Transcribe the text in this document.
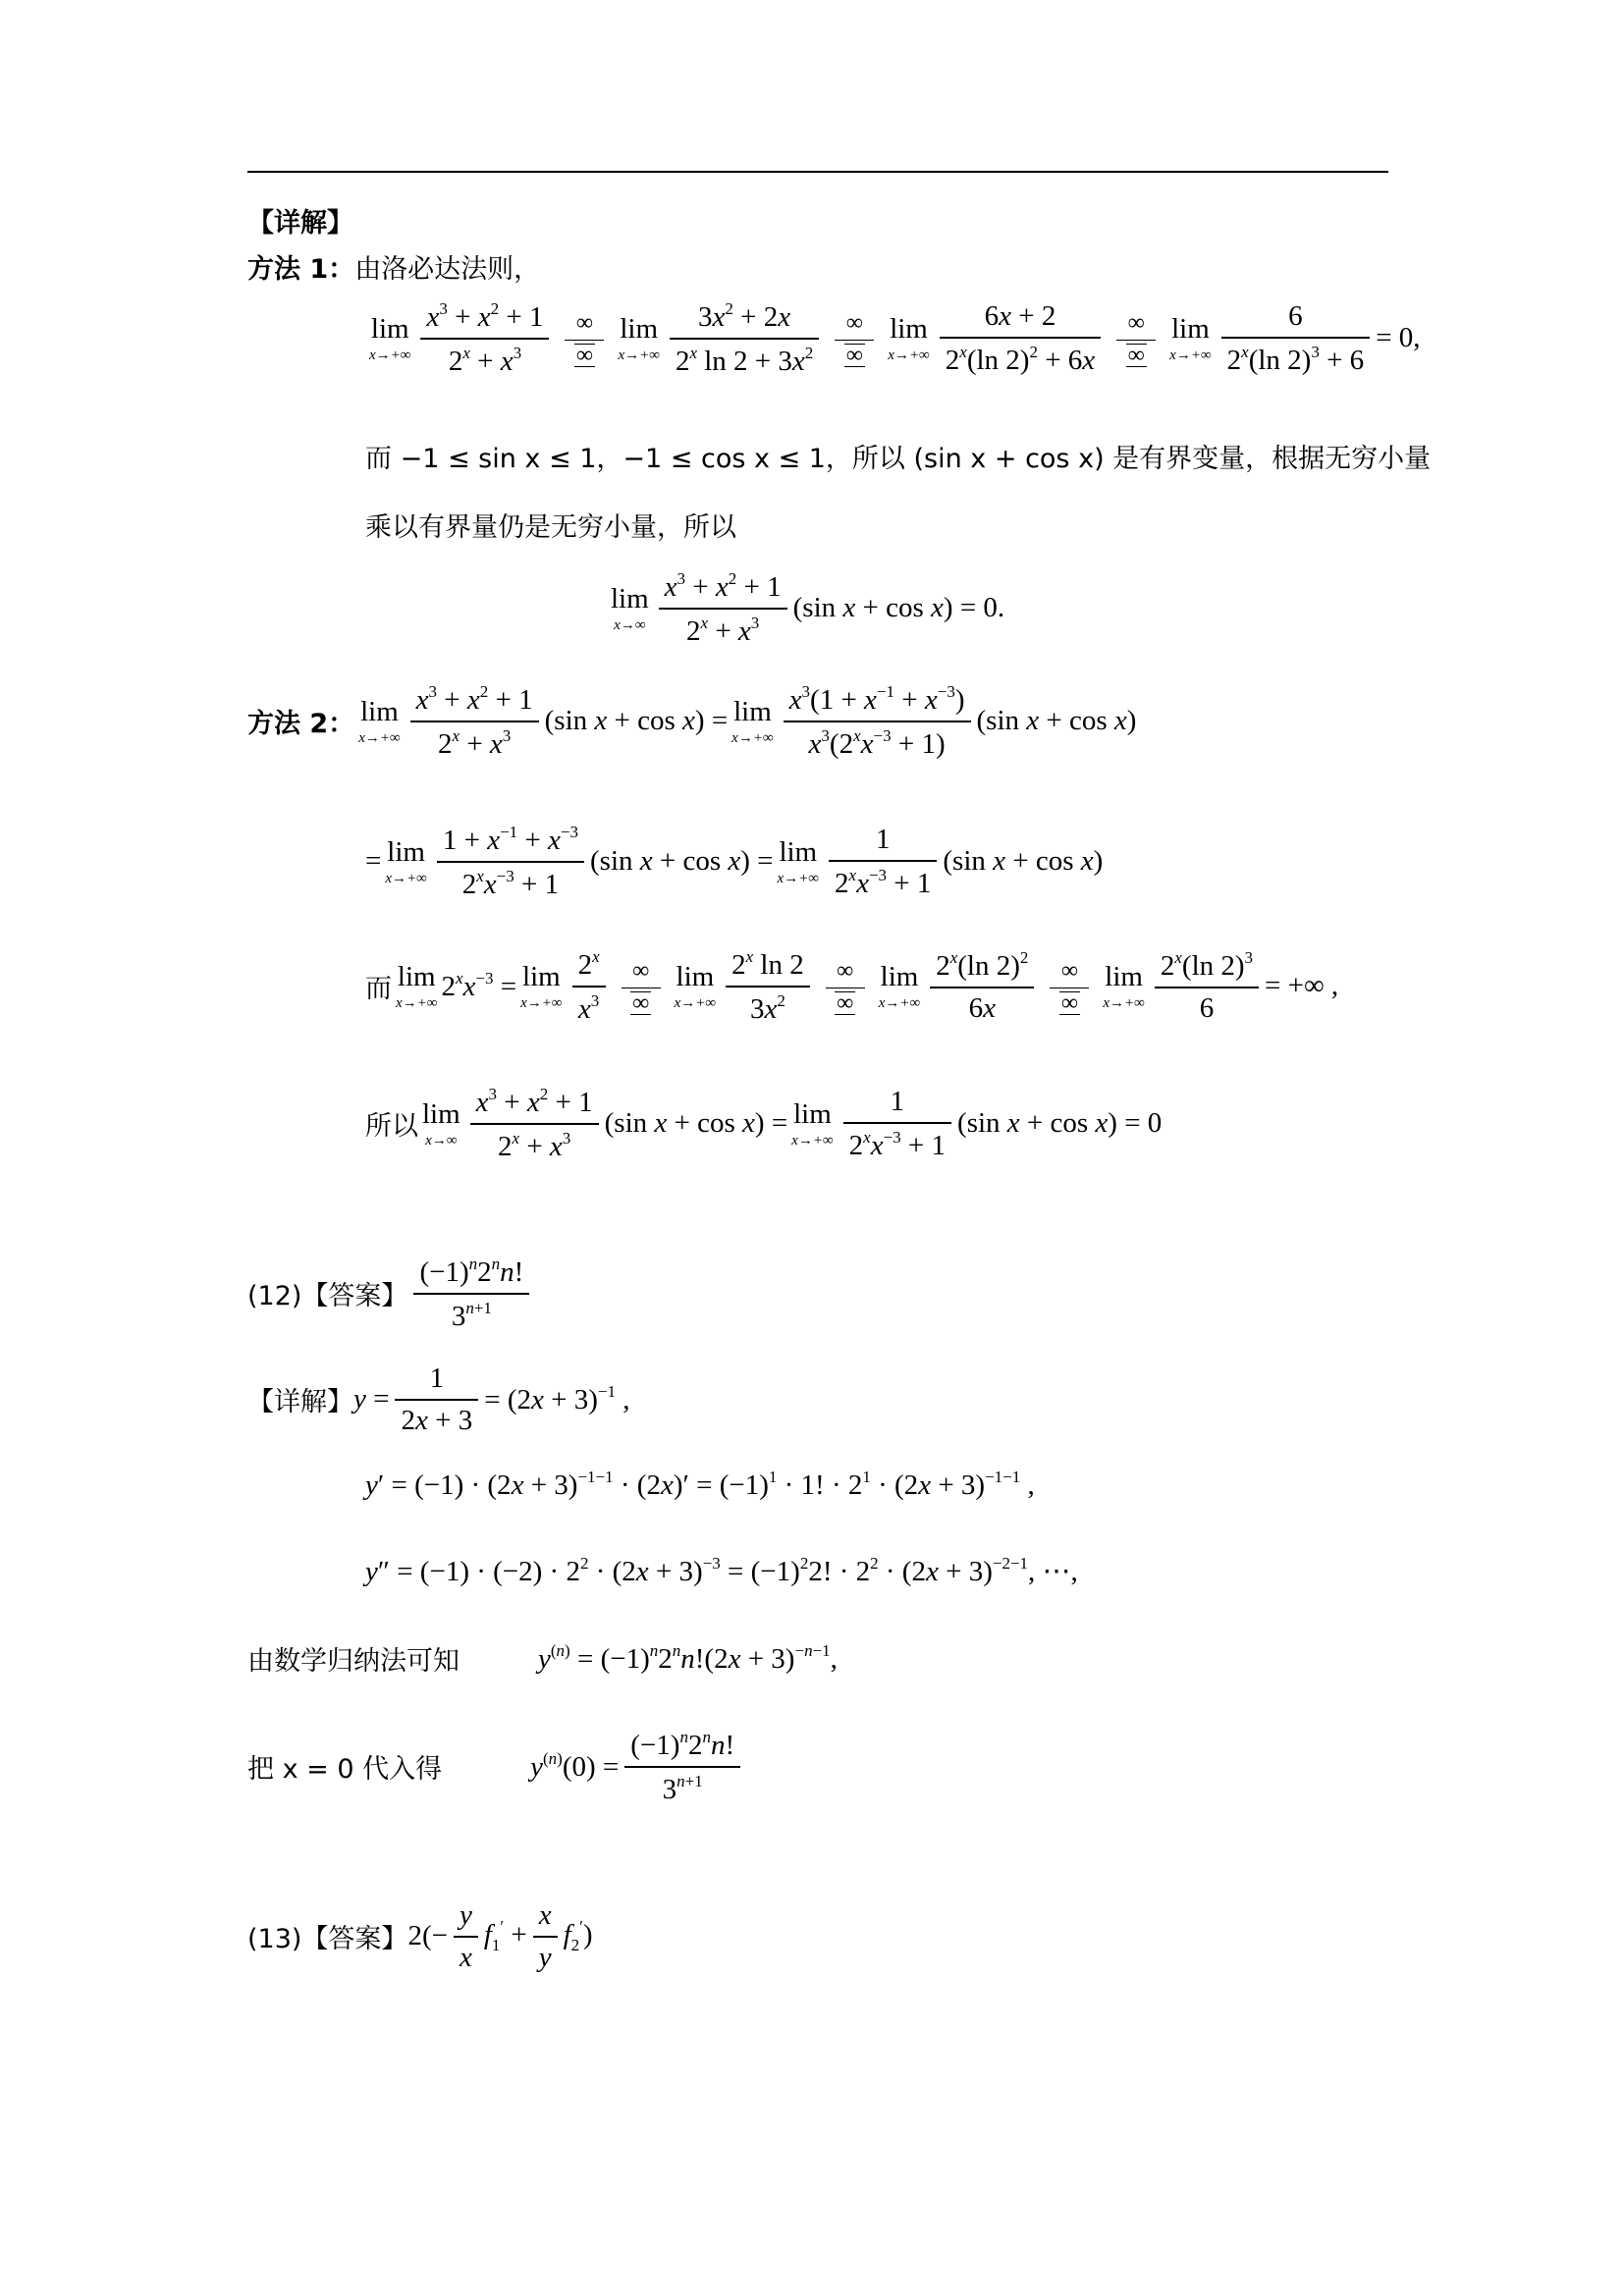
【详解】
方法 1： 由洛必达法则，
lim
$x\to+\infty \frac{x^3 + x^2 + 1}{2^x + x^3}$ ∞
∞
lim
$x\to+\infty \frac{3x^2 + 2x}{2^x \ln 2 + 3x^2}$ ∞
∞
lim
$x\to+\infty \frac{6x + 2}{2^x(\ln 2)^2 + 6x}$ ∞
∞
lim
$x\to+\infty \frac{6}{2^x(\ln 2)^3 + 6} = 0$,
而 −1 ≤ sin x ≤ 1，−1 ≤ cos x ≤ 1，所以 (sin x + cos x) 是有界变量，根据无穷小量
乘以有界量仍是无穷小量，所以
lim
$x\to\infty \frac{x^3 + x^2 + 1}{2^x + x^3} (\sin$ x + cos x) = 0.
方法 2： lim
$x\to+\infty \frac{x^3 + x^2 + 1}{2^x + x^3} (\sin$ x + cos x) = lim
$x\to+\infty \frac{x^3(1 + x^{-1} + x^{-3})}{x^3(2^xx^{-3} + 1)} (\sin$ x + cos x)
= lim
$x\to+\infty \frac{1 + x^{-1} + x^{-3}}{2^xx^{-3} + 1} (\sin$ x + cos x) = lim
$x\to+\infty \frac{1}{2^xx^{-3} + 1} (\sin$ x + cos x)
而 lim
x→+∞
$2^xx^{-3} = \lim$
$x\to+\infty \frac{2^x}{x^3}$ ∞
∞
lim
$x\to+\infty \frac{2^x \ln 2}{3x^2}$ ∞
∞
lim
$x\to+\infty \frac{2^x(\ln 2)^2}{6x}$ ∞
∞
lim
$x\to+\infty \frac{2^x(\ln 2)^3}{6}$ = +∞ ,
所以 lim
$x\to\infty \frac{x^3 + x^2 + 1}{2^x + x^3} (\sin$ x + cos x) = lim
$x\to+\infty \frac{1}{2^xx^{-3} + 1} (\sin$ x + cos x) = 0
(12)【答案】 $\frac{(-1)^n2^nn!}{3^{n+1}}$
【详解】 $y = \frac{1}{2x + 3} = (2x + 3)^{-1}$ ,
$y' = (-1) \cdot (2x + 3)^{-1-1} \cdot (2x)' = (-1)^1 \cdot 1$! · $2^1 \cdot (2x + 3)^{-1-1}$ ,
$y'' = (-1) \cdot (-2) \cdot 2^2 \cdot (2x + 3)^{-3} = (-1)^22$! · $2^2 \cdot (2x + 3)^{-2-1}$, ⋯,
由数学归纳法可知	$y^{(n)} = (-1)^n2^nn!(2x + 3)^{-n-1}$,
把 x = 0 代入得	$y^{(n)}(0) = \frac{(-1)^n2^nn!}{3^{n+1}}$
(13)【答案】 $2(- \frac{y}{x} f_1' + \frac{x}{y} f_2')$
